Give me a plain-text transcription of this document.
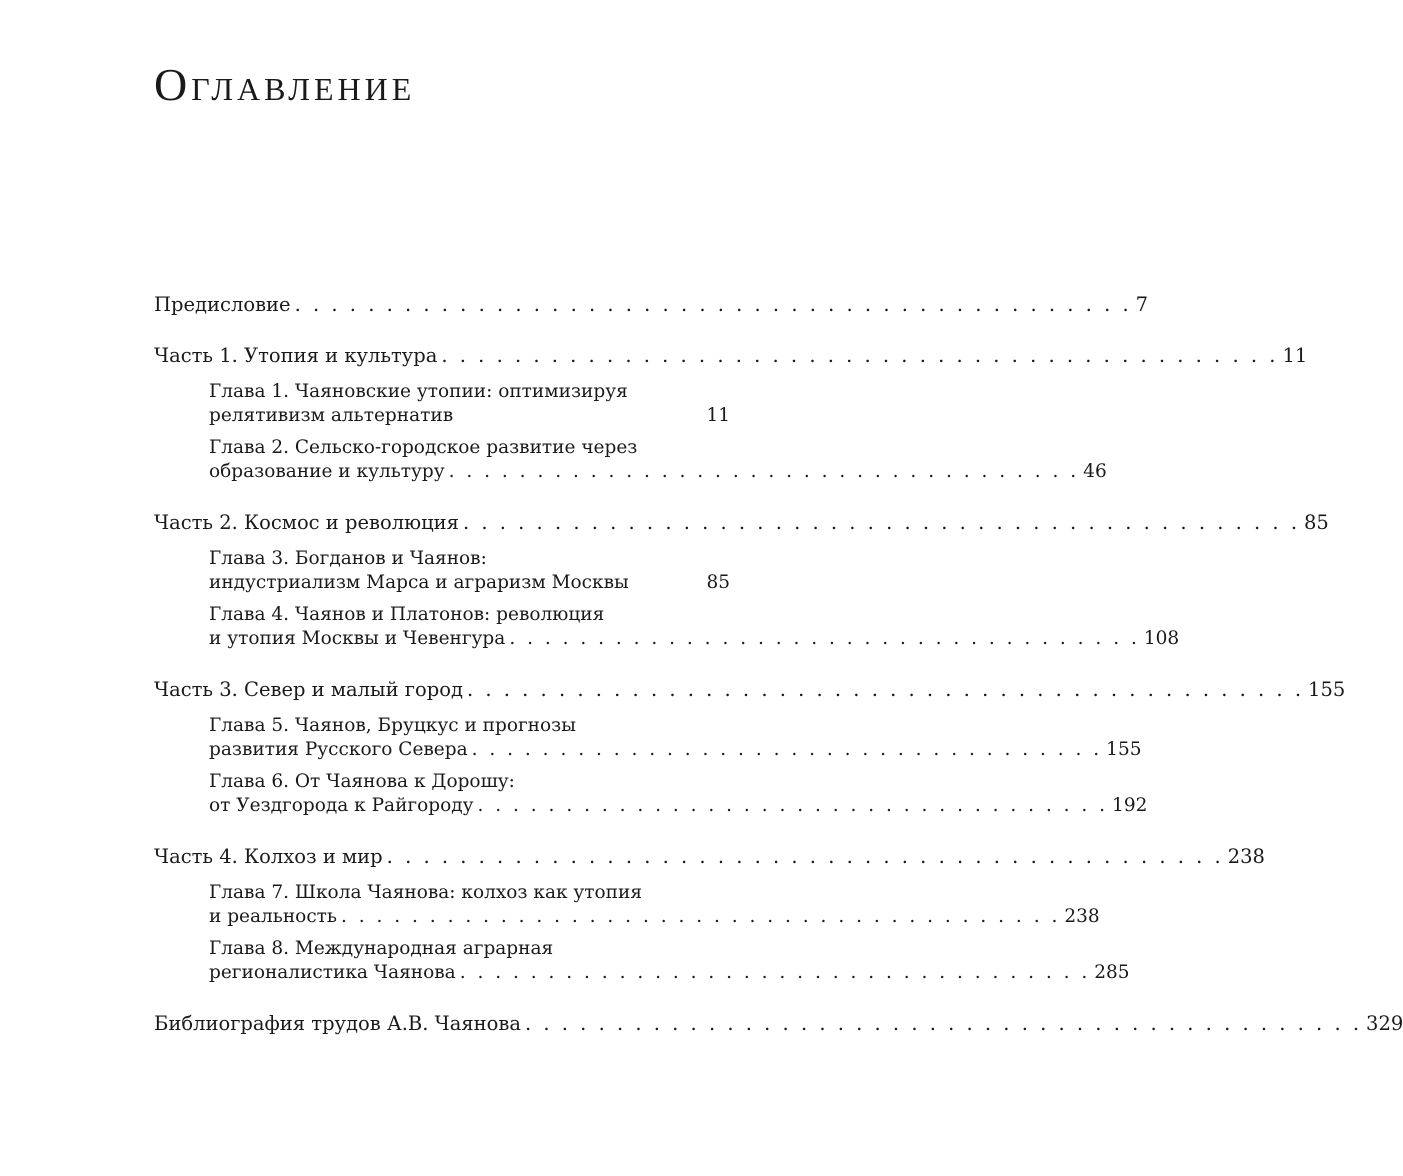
Оглавление
Предисловие . . . . . . . . . . . . . . . . . . . . . . . . . . . . . . . . . . . . . . . . . . . . . . 7
Часть 1. Утопия и культура . . . . . . . . . . . . . . . . . . . . . . . . . . . . . . . . . . . . . . . . . . . . . . 11
Глава 1. Чаяновские утопии: оптимизируя
релятивизм альтернатив	11
Глава 2. Сельско-городское развитие через
образование и культуру . . . . . . . . . . . . . . . . . . . . . . . . . . . . . . . . . . . . 46
Часть 2. Космос и революция . . . . . . . . . . . . . . . . . . . . . . . . . . . . . . . . . . . . . . . . . . . . . . 85
Глава 3. Богданов и Чаянов:
индустриализм Марса и аграризм Москвы	85
Глава 4. Чаянов и Платонов: революция
и утопия Москвы и Чевенгура . . . . . . . . . . . . . . . . . . . . . . . . . . . . . . . . . . . . 108
Часть 3. Север и малый город . . . . . . . . . . . . . . . . . . . . . . . . . . . . . . . . . . . . . . . . . . . . . . 155
Глава 5. Чаянов, Бруцкус и прогнозы
развития Русского Севера . . . . . . . . . . . . . . . . . . . . . . . . . . . . . . . . . . . . 155
Глава 6. От Чаянова к Дорошу:
от Уездгорода к Райгороду . . . . . . . . . . . . . . . . . . . . . . . . . . . . . . . . . . . . 192
Часть 4. Колхоз и мир . . . . . . . . . . . . . . . . . . . . . . . . . . . . . . . . . . . . . . . . . . . . . . 238
Глава 7. Школа Чаянова: колхоз как утопия
и реальность . . . . . . . . . . . . . . . . . . . . . . . . . . . . . . . . . . . . . . . . . 238
Глава 8. Международная аграрная
регионалистика Чаянова . . . . . . . . . . . . . . . . . . . . . . . . . . . . . . . . . . . . 285
Библиография трудов А.В. Чаянова . . . . . . . . . . . . . . . . . . . . . . . . . . . . . . . . . . . . . . . . . . . . . . 329
